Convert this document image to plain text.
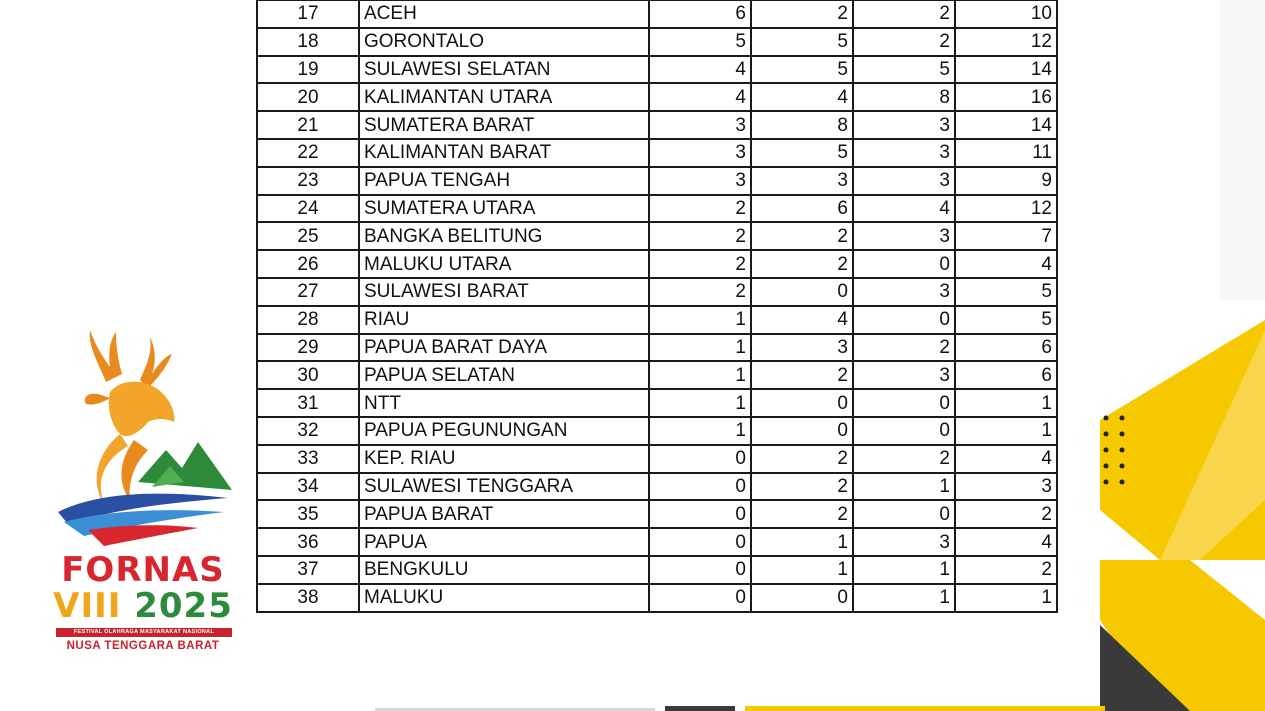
FORNAS
VIII 2025
FESTIVAL OLAHRAGA MASYARAKAT NASIONAL
NUSA TENGGARA BARAT
17	ACEH	6	2	2	10
18	GORONTALO	5	5	2	12
19	SULAWESI SELATAN	4	5	5	14
20	KALIMANTAN UTARA	4	4	8	16
21	SUMATERA BARAT	3	8	3	14
22	KALIMANTAN BARAT	3	5	3	11
23	PAPUA TENGAH	3	3	3	9
24	SUMATERA UTARA	2	6	4	12
25	BANGKA BELITUNG	2	2	3	7
26	MALUKU UTARA	2	2	0	4
27	SULAWESI BARAT	2	0	3	5
28	RIAU	1	4	0	5
29	PAPUA BARAT DAYA	1	3	2	6
30	PAPUA SELATAN	1	2	3	6
31	NTT	1	0	0	1
32	PAPUA PEGUNUNGAN	1	0	0	1
33	KEP. RIAU	0	2	2	4
34	SULAWESI TENGGARA	0	2	1	3
35	PAPUA BARAT	0	2	0	2
36	PAPUA	0	1	3	4
37	BENGKULU	0	1	1	2
38	MALUKU	0	0	1	1
